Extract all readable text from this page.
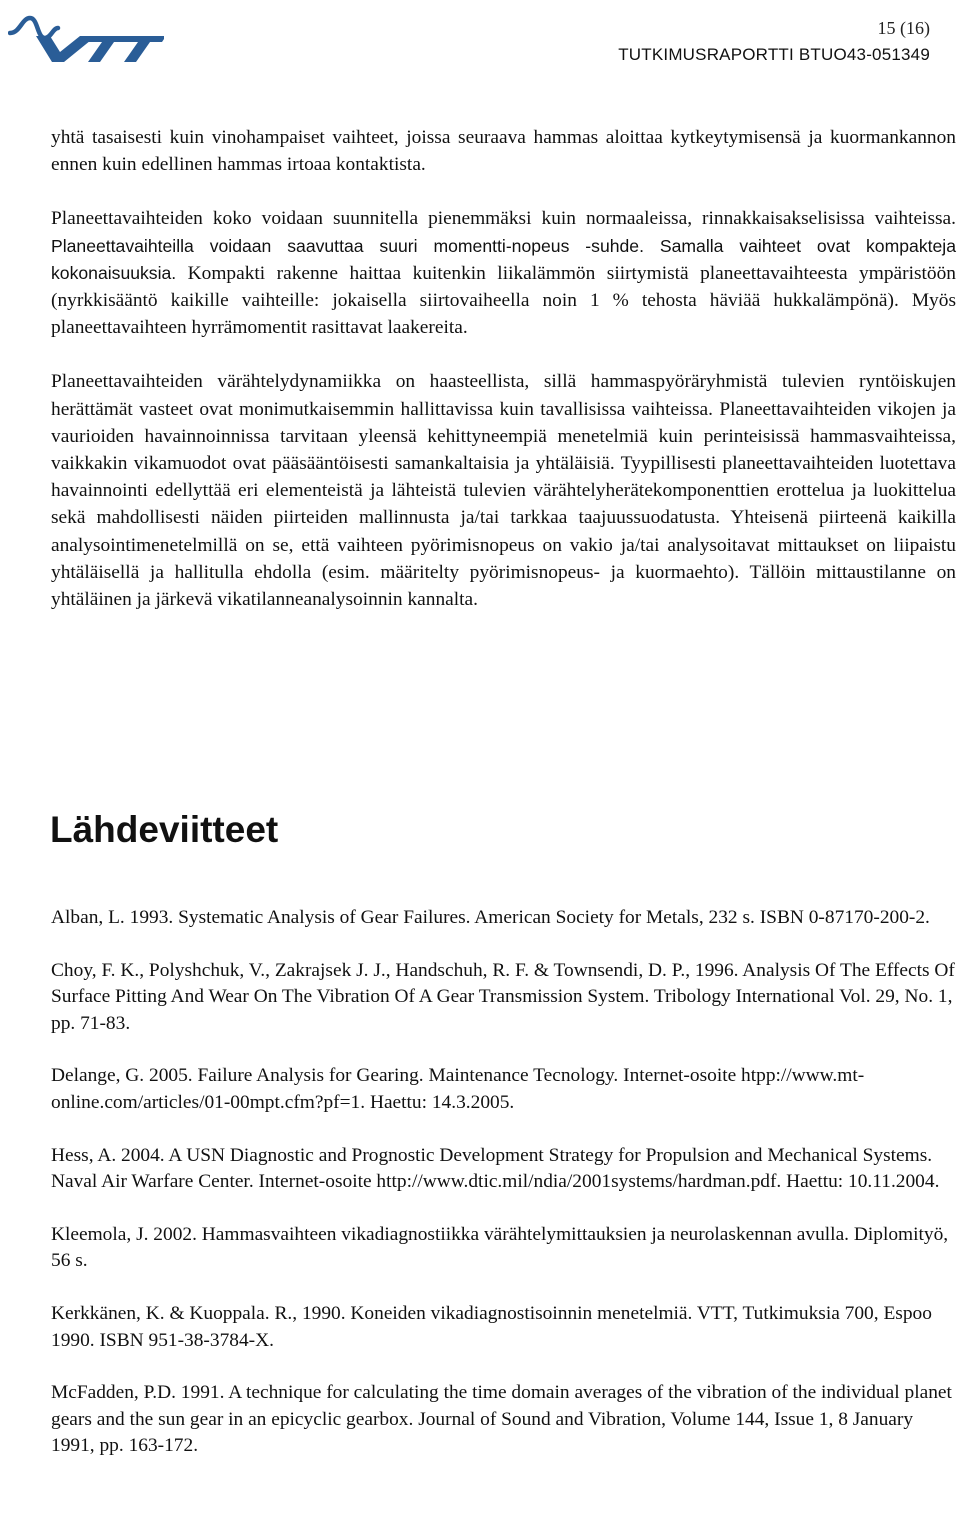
15 (16)
TUTKIMUSRAPORTTI BTUO43-051349

yhtä tasaisesti kuin vinohampaiset vaihteet, joissa seuraava hammas aloittaa kytkeytymisensä ja kuormankannon ennen kuin edellinen hammas irtoaa kontaktista.

Planeettavaihteiden koko voidaan suunnitella pienemmäksi kuin normaaleissa, rinnakkaisakselisissa vaihteissa. Planeettavaihteilla voidaan saavuttaa suuri momentti-nopeus -suhde. Samalla vaihteet ovat kompakteja kokonaisuuksia. Kompakti rakenne haittaa kuitenkin liikalämmön siirtymistä planeettavaihteesta ympäristöön (nyrkkisääntö kaikille vaihteille: jokaisella siirtovaiheella noin 1 % tehosta häviää hukkalämpönä). Myös planeettavaihteen hyrrämomentit rasittavat laakereita.

Planeettavaihteiden värähtelydynamiikka on haasteellista, sillä hammaspyöräryhmistä tulevien ryntöiskujen herättämät vasteet ovat monimutkaisemmin hallittavissa kuin tavallisissa vaihteissa. Planeettavaihteiden vikojen ja vaurioiden havainnoinnissa tarvitaan yleensä kehittyneempiä menetelmiä kuin perinteisissä hammasvaihteissa, vaikkakin vikamuodot ovat pääsääntöisesti samankaltaisia ja yhtäläisiä. Tyypillisesti planeettavaihteiden luotettava havainnointi edellyttää eri elementeistä ja lähteistä tulevien värähtelyherätekomponenttien erottelua ja luokittelua sekä mahdollisesti näiden piirteiden mallinnusta ja/tai tarkkaa taajuussuodatusta. Yhteisenä piirteenä kaikilla analysointimenetelmillä on se, että vaihteen pyörimisnopeus on vakio ja/tai analysoitavat mittaukset on liipaistu yhtäläisellä ja hallitulla ehdolla (esim. määritelty pyörimisnopeus- ja kuormaehto). Tällöin mittaustilanne on yhtäläinen ja järkevä vikatilanneanalysoinnin kannalta.

Lähdeviitteet
Alban, L. 1993. Systematic Analysis of Gear Failures. American Society for Metals, 232 s. ISBN 0-87170-200-2.
Choy, F. K., Polyshchuk, V., Zakrajsek J. J., Handschuh, R. F. & Townsendi, D. P., 1996. Analysis Of The Effects Of Surface Pitting And Wear On The Vibration Of A Gear Transmission System. Tribology International Vol. 29, No. 1, pp. 71-83.
Delange, G. 2005. Failure Analysis for Gearing. Maintenance Tecnology. Internet-osoite htpp://www.mt-online.com/articles/01-00mpt.cfm?pf=1. Haettu: 14.3.2005.
Hess, A. 2004. A USN Diagnostic and Prognostic Development Strategy for Propulsion and Mechanical Systems. Naval Air Warfare Center. Internet-osoite http://www.dtic.mil/ndia/2001systems/hardman.pdf. Haettu: 10.11.2004.
Kleemola, J. 2002. Hammasvaihteen vikadiagnostiikka värähtelymittauksien ja neurolaskennan avulla. Diplomityö, 56 s.
Kerkkänen, K. & Kuoppala. R., 1990. Koneiden vikadiagnostisoinnin menetelmiä. VTT, Tutkimuksia 700, Espoo 1990. ISBN 951-38-3784-X.
McFadden, P.D. 1991. A technique for calculating the time domain averages of the vibration of the individual planet gears and the sun gear in an epicyclic gearbox. Journal of Sound and Vibration, Volume 144, Issue 1, 8 January 1991, pp. 163-172.
